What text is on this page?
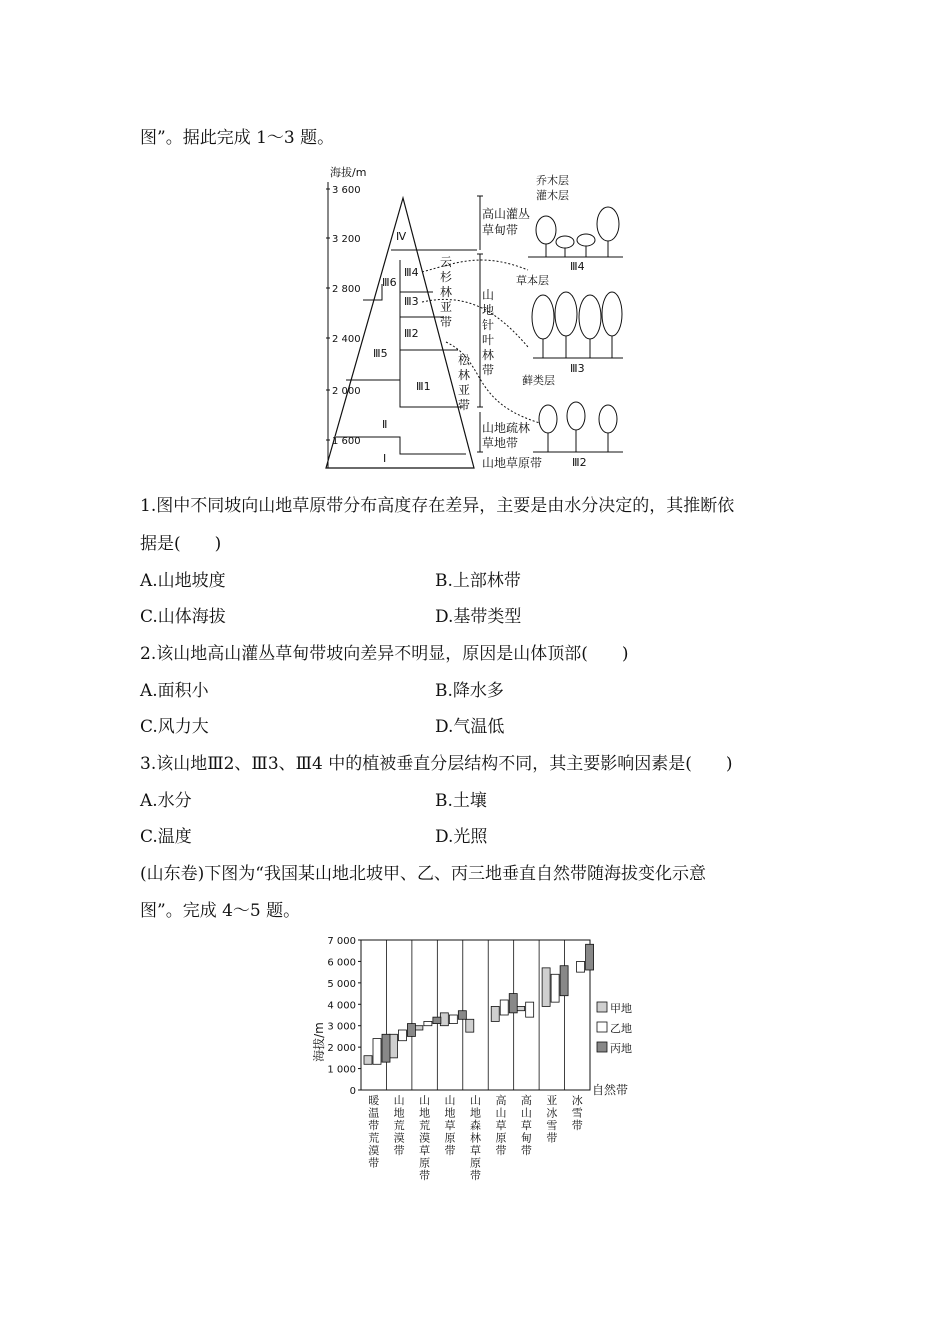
图”。据此完成 1～3 题。
海拔/m
3 600
3 200
2 800
2 400
2 000
1 600
Ⅳ
Ⅲ4
Ⅲ6
Ⅲ3
Ⅲ2
Ⅲ5
Ⅲ1
Ⅱ
Ⅰ
高山灌丛
草甸带
山
地
针
叶
林
带
山地疏林
草地带
山地草原带
云
杉
林
亚
带
松
林
亚
带
乔木层
灌木层
草本层
Ⅲ4
藓类层
Ⅲ3
Ⅲ2
1.图中不同坡向山地草原带分布高度存在差异，主要是由水分决定的，其推断依
据是(　　)
A.山地坡度	B.上部林带
C.山体海拔	D.基带类型
2.该山地高山灌丛草甸带坡向差异不明显，原因是山体顶部(　　)
A.面积小	B.降水多
C.风力大	D.气温低
3.该山地Ⅲ2、Ⅲ3、Ⅲ4 中的植被垂直分层结构不同，其主要影响因素是(　　)
A.水分	B.土壤
C.温度	D.光照
(山东卷)下图为“我国某山地北坡甲、乙、丙三地垂直自然带随海拔变化示意
图”。完成 4～5 题。
海拔/m
0
1 000
2 000
3 000
4 000
5 000
6 000
7 000
暖温带荒漠带
山地荒漠带
山地荒漠草原带
山地草原带
山地森林草原带
高山草原带
高山草甸带
亚冰雪带
冰雪带
甲地
乙地
丙地
自然带
